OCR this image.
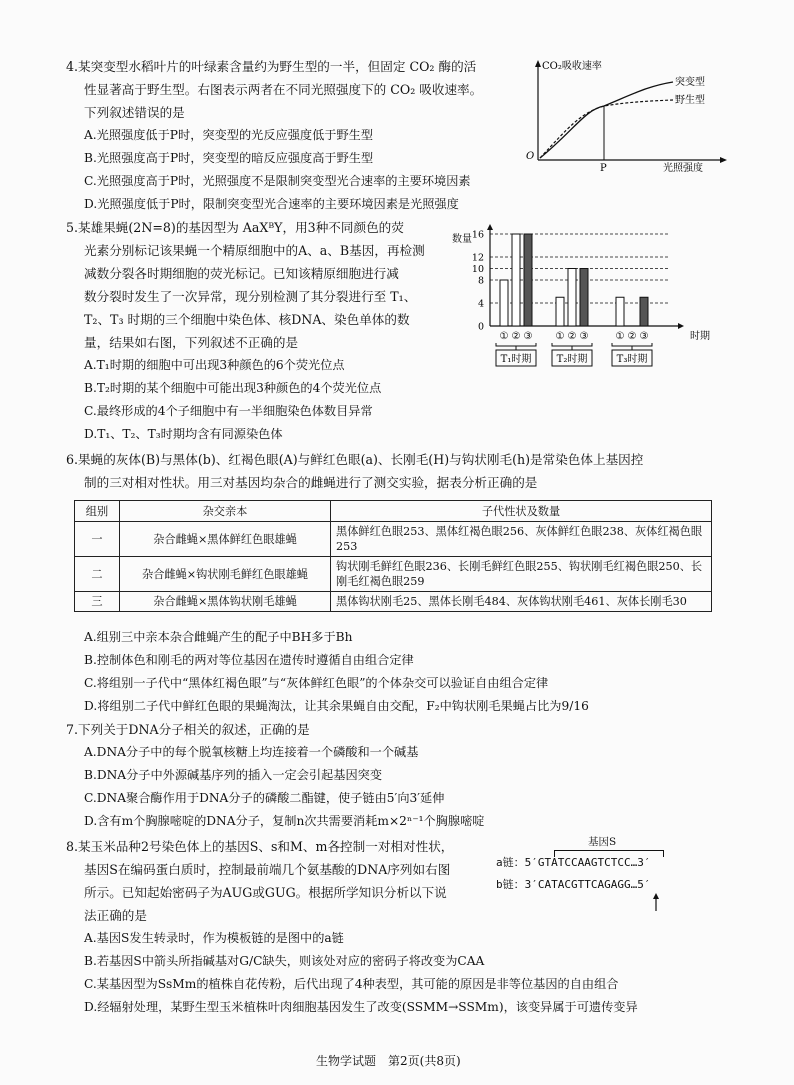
4.某突变型水稻叶片的叶绿素含量约为野生型的一半，但固定 CO₂ 酶的活
性显著高于野生型。右图表示两者在不同光照强度下的 CO₂ 吸收速率。
下列叙述错误的是
A.光照强度低于P时，突变型的光反应强度低于野生型
B.光照强度高于P时，突变型的暗反应强度高于野生型
C.光照强度高于P时，光照强度不是限制突变型光合速率的主要环境因素
D.光照强度低于P时，限制突变型光合速率的主要环境因素是光照强度
CO₂吸收速率
O
P	光照强度
突变型
野生型
5.某雄果蝇(2N=8)的基因型为 AaXᴮY，用3种不同颜色的荧
光素分别标记该果蝇一个精原细胞中的A、a、B基因，再检测
减数分裂各时期细胞的荧光标记。已知该精原细胞进行减
数分裂时发生了一次异常，现分别检测了其分裂进行至 T₁、
T₂、T₃ 时期的三个细胞中染色体、核DNA、染色单体的数
量，结果如右图，下列叙述不正确的是
A.T₁时期的细胞中可出现3种颜色的6个荧光位点
B.T₂时期的某个细胞中可能出现3种颜色的4个荧光位点
C.最终形成的4个子细胞中有一半细胞染色体数目异常
D.T₁、T₂、T₃时期均含有同源染色体
数量
时期
0
4
8
10
12
16
① ② ③
T₁时期
① ② ③
T₂时期
① ② ③
T₃时期
6.果蝇的灰体(B)与黑体(b)、红褐色眼(A)与鲜红色眼(a)、长刚毛(H)与钩状刚毛(h)是常染色体上基因控
制的三对相对性状。用三对基因均杂合的雌蝇进行了测交实验，据表分析正确的是
组别	杂交亲本	子代性状及数量
一	杂合雌蝇×黑体鲜红色眼雄蝇	黑体鲜红色眼253、黑体红褐色眼256、灰体鲜红色眼238、灰体红褐色眼253
二	杂合雌蝇×钩状刚毛鲜红色眼雄蝇	钩状刚毛鲜红色眼236、长刚毛鲜红色眼255、钩状刚毛红褐色眼250、长刚毛红褐色眼259
三	杂合雌蝇×黑体钩状刚毛雄蝇	黑体钩状刚毛25、黑体长刚毛484、灰体钩状刚毛461、灰体长刚毛30
A.组别三中亲本杂合雌蝇产生的配子中BH多于Bh
B.控制体色和刚毛的两对等位基因在遗传时遵循自由组合定律
C.将组别一子代中“黑体红褐色眼”与“灰体鲜红色眼”的个体杂交可以验证自由组合定律
D.将组别二子代中鲜红色眼的果蝇淘汰，让其余果蝇自由交配，F₂中钩状刚毛果蝇占比为9/16
7.下列关于DNA分子相关的叙述，正确的是
A.DNA分子中的每个脱氧核糖上均连接着一个磷酸和一个碱基
B.DNA分子中外源碱基序列的插入一定会引起基因突变
C.DNA聚合酶作用于DNA分子的磷酸二酯键，使子链由5′向3′延伸
D.含有m个胸腺嘧啶的DNA分子，复制n次共需要消耗m×2ⁿ⁻¹个胸腺嘧啶
8.某玉米品种2号染色体上的基因S、s和M、m各控制一对相对性状，
基因S在编码蛋白质时，控制最前端几个氨基酸的DNA序列如右图
所示。已知起始密码子为AUG或GUG。根据所学知识分析以下说
法正确的是
A.基因S发生转录时，作为模板链的是图中的a链
B.若基因S中箭头所指碱基对G/C缺失，则该处对应的密码子将改变为CAA
C.某基因型为SsMm的植株自花传粉，后代出现了4种表型，其可能的原因是非等位基因的自由组合
D.经辐射处理，某野生型玉米植株叶肉细胞基因发生了改变(SSMM→SSMm)，该变异属于可遗传变异
基因S
a链：5′GTATCCAAGTCTCC…3′
b链：3′CATACGTTCAGAGG…5′
生物学试题　第2页(共8页)
